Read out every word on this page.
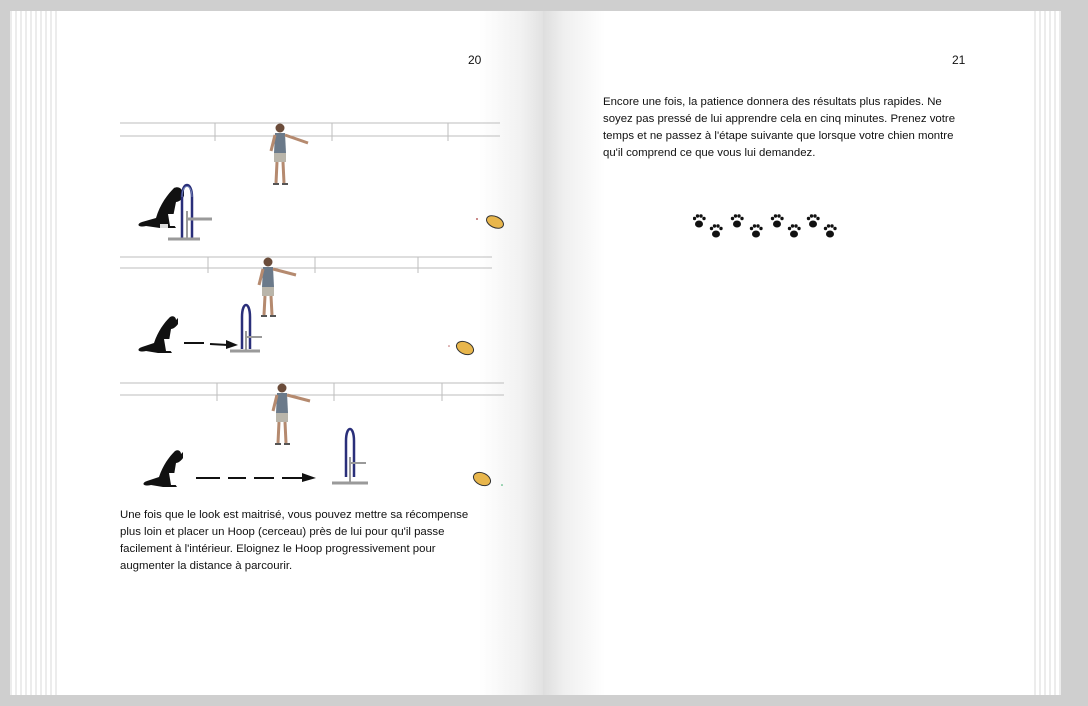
20

Une fois que le look est maitrisé, vous pouvez mettre sa récompense
plus loin et placer un Hoop (cerceau) près de lui pour qu'il passe
facilement à l'intérieur. Eloignez le Hoop progressivement pour
augmenter la distance à parcourir.

21

Encore une fois, la patience donnera des résultats plus rapides. Ne
soyez pas pressé de lui apprendre cela en cinq minutes. Prenez votre
temps et ne passez à l'étape suivante que lorsque votre chien montre
qu'il comprend ce que vous lui demandez.
